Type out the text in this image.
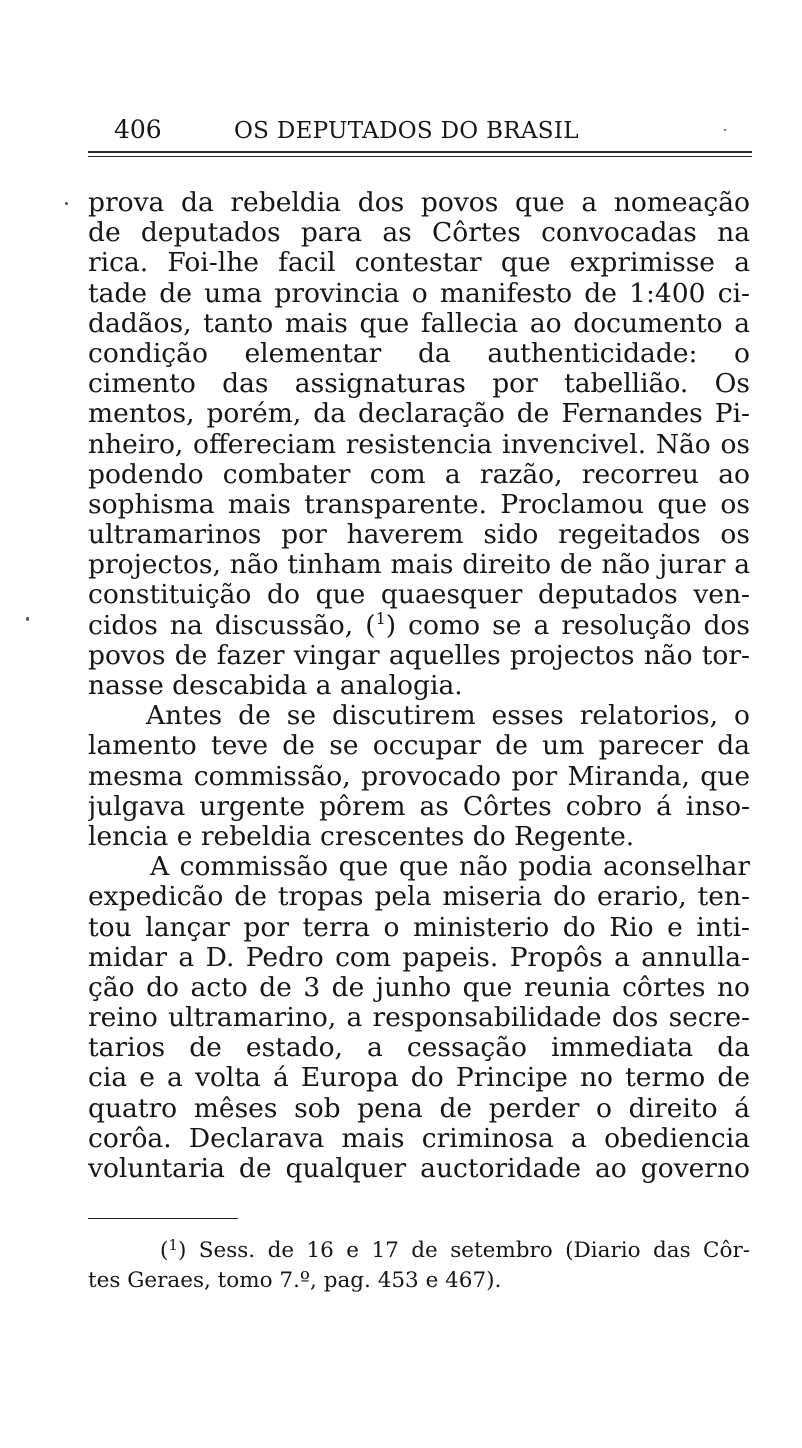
406	OS DEPUTADOS DO BRASIL
prova da rebeldia dos povos que a nomeação
de deputados para as Côrtes convocadas na
rica. Foi-lhe facil contestar que exprimisse a
tade de uma provincia o manifesto de 1:400 ci-
dadãos, tanto mais que fallecia ao documento a
condição elementar da authenticidade: o
cimento das assignaturas por tabellião. Os
mentos, porém, da declaração de Fernandes Pi-
nheiro, offereciam resistencia invencivel. Não os
podendo combater com a razão, recorreu ao
sophisma mais transparente. Proclamou que os
ultramarinos por haverem sido regeitados os
projectos, não tinham mais direito de não jurar a
constituição do que quaesquer deputados ven-
cidos na discussão, ($^1$) como se a resolução dos
povos de fazer vingar aquelles projectos não tor-
nasse descabida a analogia.
Antes de se discutirem esses relatorios, o
lamento teve de se occupar de um parecer da
mesma commissão, provocado por Miranda, que
julgava urgente pôrem as Côrtes cobro á inso-
lencia e rebeldia crescentes do Regente.
A commissão que que não podia aconselhar
expedicão de tropas pela miseria do erario, ten-
tou lançar por terra o ministerio do Rio e inti-
midar a D. Pedro com papeis. Propôs a annulla-
ção do acto de 3 de junho que reunia côrtes no
reino ultramarino, a responsabilidade dos secre-
tarios de estado, a cessação immediata da
cia e a volta á Europa do Principe no termo de
quatro mêses sob pena de perder o direito á
corôa. Declarava mais criminosa a obediencia
voluntaria de qualquer auctoridade ao governo
($^1$) Sess. de 16 e 17 de setembro (Diario das Côr-
tes Geraes, tomo 7.º, pag. 453 e 467).
